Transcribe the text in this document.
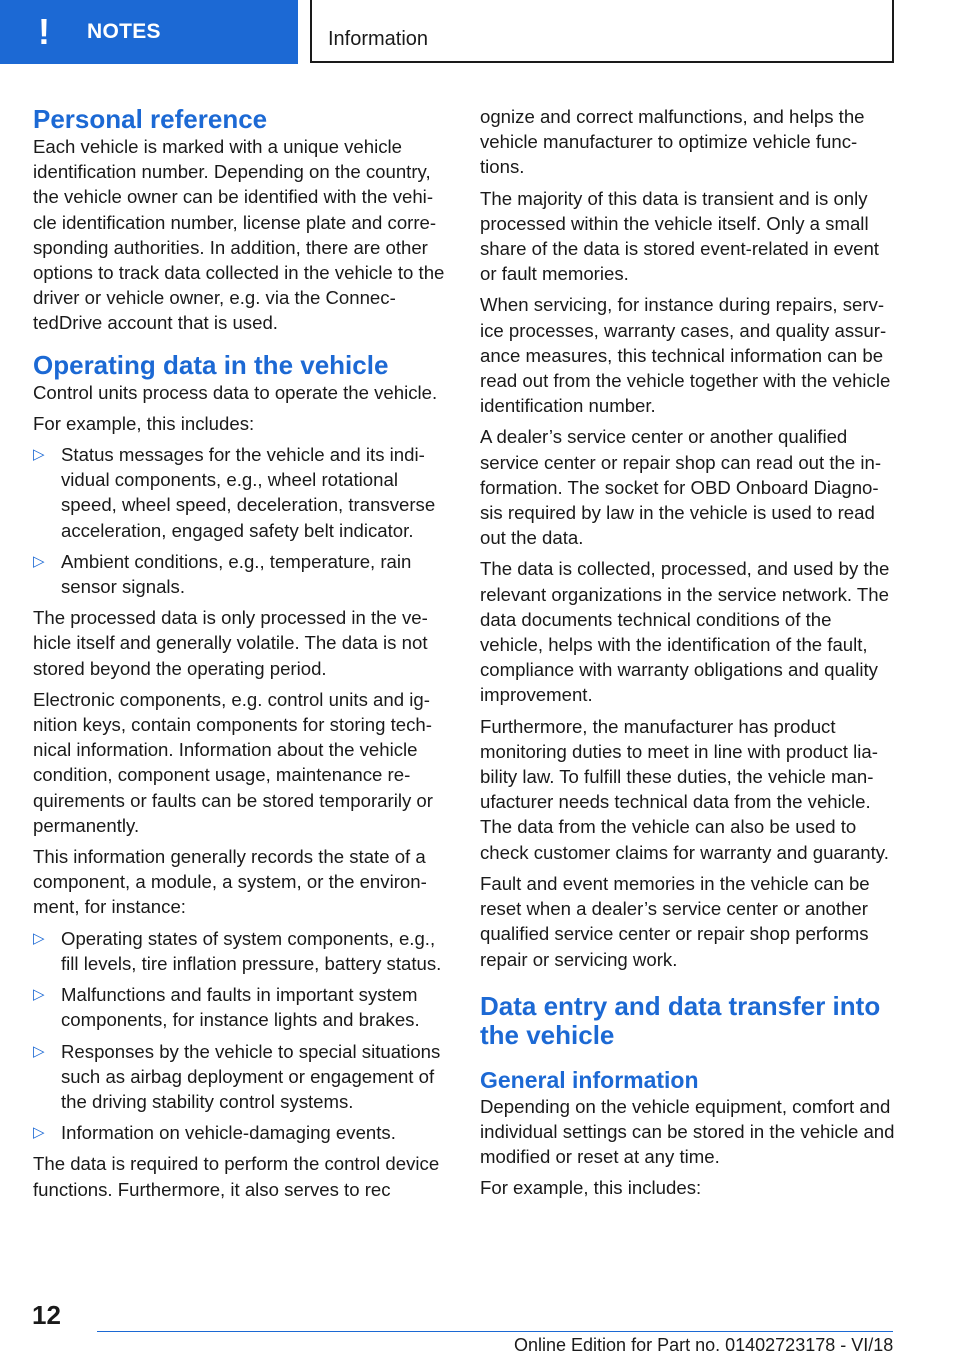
! NOTES	Information
Personal reference

Each vehicle is marked with a unique vehicle identification number. Depending on the country, the vehicle owner can be identified with the vehicle identification number, license plate and corresponding authorities. In addition, there are other options to track data collected in the vehicle to the driver or vehicle owner, e.g. via the ConnectedDrive account that is used.

Operating data in the vehicle

Control units process data to operate the vehicle.

For example, this includes:

▷ Status messages for the vehicle and its individual components, e.g., wheel rotational speed, wheel speed, deceleration, transverse acceleration, engaged safety belt indicator.
▷ Ambient conditions, e.g., temperature, rain sensor signals.

The processed data is only processed in the vehicle itself and generally volatile. The data is not stored beyond the operating period.

Electronic components, e.g. control units and ignition keys, contain components for storing technical information. Information about the vehicle condition, component usage, maintenance requirements or faults can be stored temporarily or permanently.

This information generally records the state of a component, a module, a system, or the environment, for instance:

▷ Operating states of system components, e.g., fill levels, tire inflation pressure, battery status.
▷ Malfunctions and faults in important system components, for instance lights and brakes.
▷ Responses by the vehicle to special situations such as airbag deployment or engagement of the driving stability control systems.
▷ Information on vehicle-damaging events.

The data is required to perform the control device functions. Furthermore, it also serves to rec

ognize and correct malfunctions, and helps the vehicle manufacturer to optimize vehicle functions.

The majority of this data is transient and is only processed within the vehicle itself. Only a small share of the data is stored event-related in event or fault memories.

When servicing, for instance during repairs, service processes, warranty cases, and quality assurance measures, this technical information can be read out from the vehicle together with the vehicle identification number.

A dealer’s service center or another qualified service center or repair shop can read out the information. The socket for OBD Onboard Diagnosis required by law in the vehicle is used to read out the data.

The data is collected, processed, and used by the relevant organizations in the service network. The data documents technical conditions of the vehicle, helps with the identification of the fault, compliance with warranty obligations and quality improvement.

Furthermore, the manufacturer has product monitoring duties to meet in line with product liability law. To fulfill these duties, the vehicle manufacturer needs technical data from the vehicle. The data from the vehicle can also be used to check customer claims for warranty and guaranty.

Fault and event memories in the vehicle can be reset when a dealer’s service center or another qualified service center or repair shop performs repair or servicing work.

Data entry and data transfer into the vehicle
General information

Depending on the vehicle equipment, comfort and individual settings can be stored in the vehicle and modified or reset at any time.

For example, this includes:

12
Online Edition for Part no. 01402723178 - VI/18
